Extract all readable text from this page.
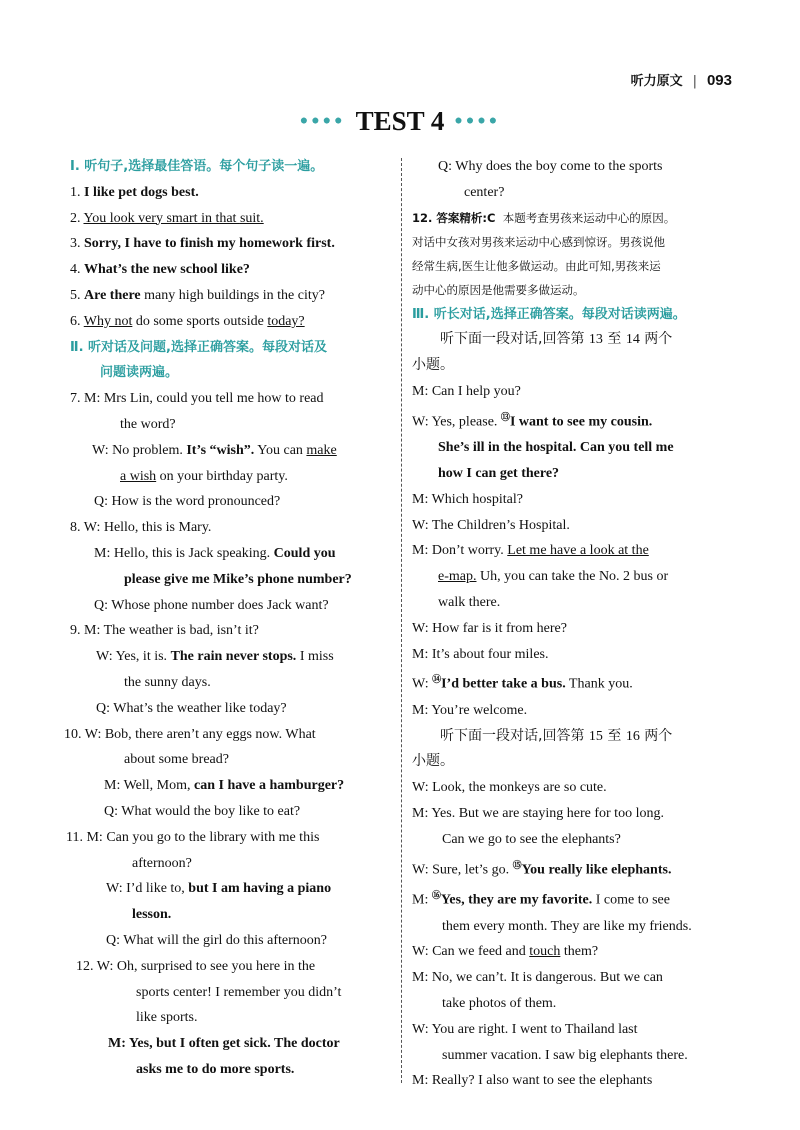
听力原文 | 093
●●●● TEST 4 ●●●●
Ⅰ. 听句子,选择最佳答语。每个句子读一遍。
1. I like pet dogs best.
2. You look very smart in that suit.
3. Sorry, I have to finish my homework first.
4. What’s the new school like?
5. Are there many high buildings in the city?
6. Why not do some sports outside today?
Ⅱ. 听对话及问题,选择正确答案。每段对话及
问题读两遍。
7. M: Mrs Lin, could you tell me how to read
the word?
W: No problem. It’s “wish”. You can make
a wish on your birthday party.
Q: How is the word pronounced?
8. W: Hello, this is Mary.
M: Hello, this is Jack speaking. Could you
please give me Mike’s phone number?
Q: Whose phone number does Jack want?
9. M: The weather is bad, isn’t it?
W: Yes, it is. The rain never stops. I miss
the sunny days.
Q: What’s the weather like today?
10. W: Bob, there aren’t any eggs now. What
about some bread?
M: Well, Mom, can I have a hamburger?
Q: What would the boy like to eat?
11. M: Can you go to the library with me this
afternoon?
W: I’d like to, but I am having a piano
lesson.
Q: What will the girl do this afternoon?
12. W: Oh, surprised to see you here in the
sports center! I remember you didn’t
like sports.
M: Yes, but I often get sick. The doctor
asks me to do more sports.
Q: Why does the boy come to the sports
center?
12. 答案精析:C 本题考查男孩来运动中心的原因。
对话中女孩对男孩来运动中心感到惊讶。男孩说他
经常生病,医生让他多做运动。由此可知,男孩来运
动中心的原因是他需要多做运动。
Ⅲ. 听长对话,选择正确答案。每段对话读两遍。
听下面一段对话,回答第 13 至 14 两个
小题。
M: Can I help you?
W: Yes, please. ⑬I want to see my cousin.
She’s ill in the hospital. Can you tell me
how I can get there?
M: Which hospital?
W: The Children’s Hospital.
M: Don’t worry. Let me have a look at the
e-map. Uh, you can take the No. 2 bus or
walk there.
W: How far is it from here?
M: It’s about four miles.
W: ⑭I’d better take a bus. Thank you.
M: You’re welcome.
听下面一段对话,回答第 15 至 16 两个
小题。
W: Look, the monkeys are so cute.
M: Yes. But we are staying here for too long.
Can we go to see the elephants?
W: Sure, let’s go. ⑮You really like elephants.
M: ⑯Yes, they are my favorite. I come to see
them every month. They are like my friends.
W: Can we feed and touch them?
M: No, we can’t. It is dangerous. But we can
take photos of them.
W: You are right. I went to Thailand last
summer vacation. I saw big elephants there.
M: Really? I also want to see the elephants
